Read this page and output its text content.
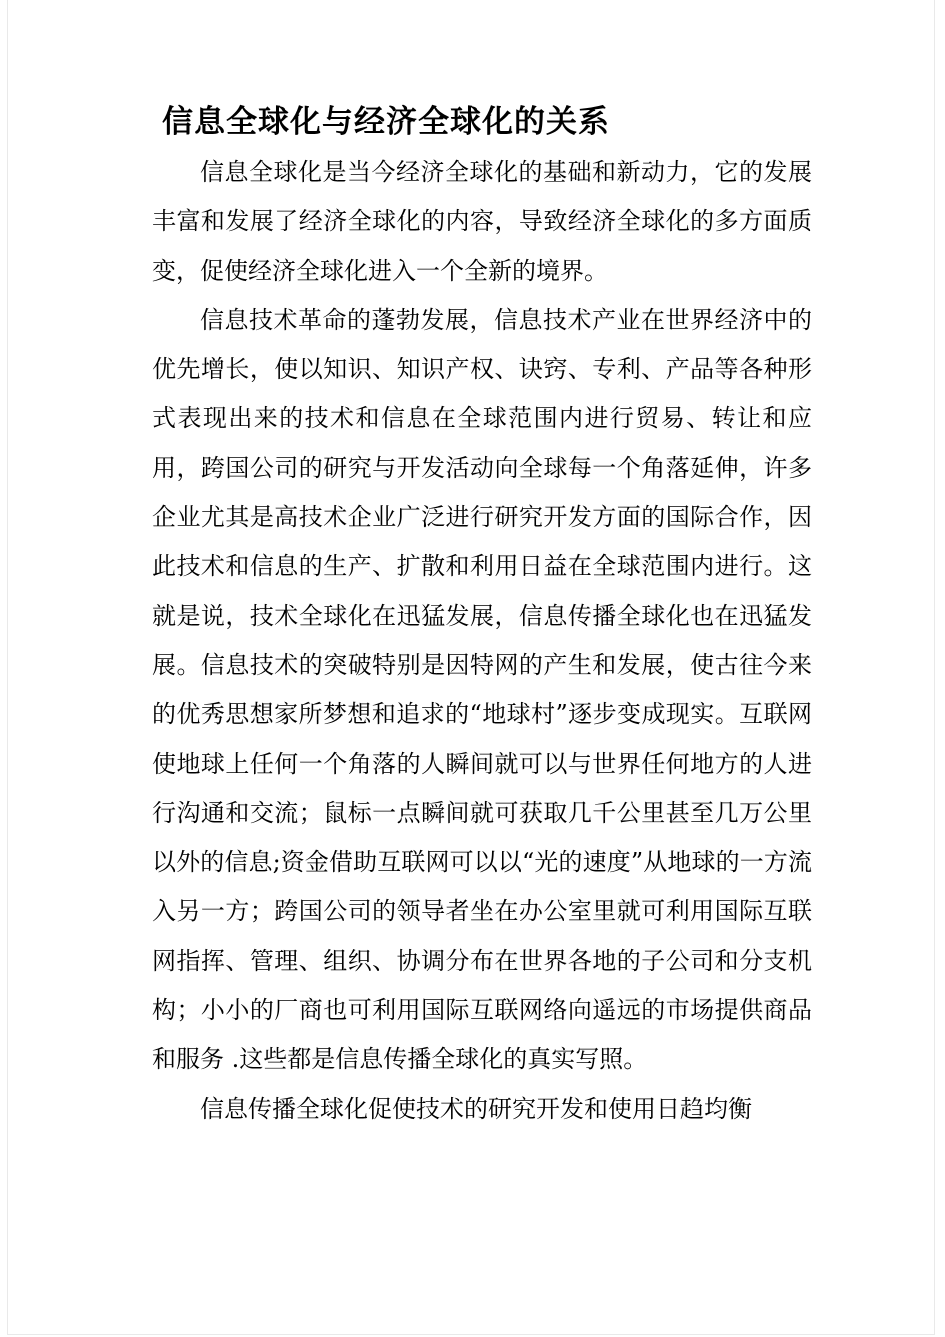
信息全球化与经济全球化的关系

信息全球化是当今经济全球化的基础和新动力，它的发展丰富和发展了经济全球化的内容，导致经济全球化的多方面质变，促使经济全球化进入一个全新的境界。

信息技术革命的蓬勃发展，信息技术产业在世界经济中的优先增长，使以知识、知识产权、诀窍、专利、产品等各种形式表现出来的技术和信息在全球范围内进行贸易、转让和应用，跨国公司的研究与开发活动向全球每一个角落延伸，许多企业尤其是高技术企业广泛进行研究开发方面的国际合作，因此技术和信息的生产、扩散和利用日益在全球范围内进行。这就是说，技术全球化在迅猛发展，信息传播全球化也在迅猛发展。信息技术的突破特别是因特网的产生和发展，使古往今来的优秀思想家所梦想和追求的“地球村”逐步变成现实。互联网使地球上任何一个角落的人瞬间就可以与世界任何地方的人进行沟通和交流；鼠标一点瞬间就可获取几千公里甚至几万公里以外的信息;资金借助互联网可以以“光的速度”从地球的一方流入另一方；跨国公司的领导者坐在办公室里就可利用国际互联网指挥、管理、组织、协调分布在世界各地的子公司和分支机构；小小的厂商也可利用国际互联网络向遥远的市场提供商品和服务 .这些都是信息传播全球化的真实写照。

信息传播全球化促使技术的研究开发和使用日趋均衡
